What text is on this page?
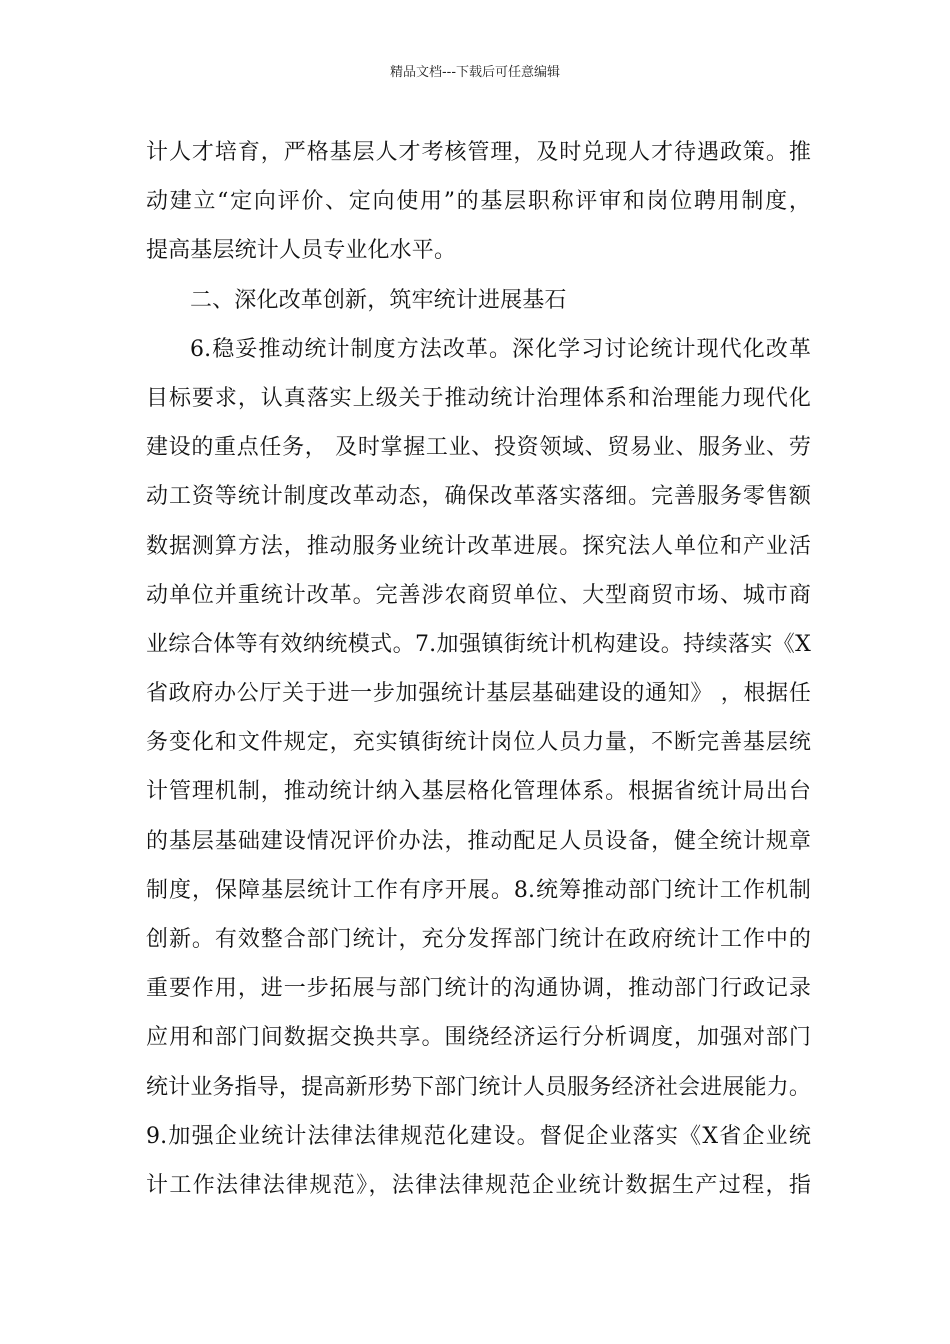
精品文档---下载后可任意编辑
计人才培育，严格基层人才考核管理，及时兑现人才待遇政策。推
动建立“定向评价、定向使用”的基层职称评审和岗位聘用制度，
提高基层统计人员专业化水平。
二、深化改革创新，筑牢统计进展基石
6.稳妥推动统计制度方法改革。深化学习讨论统计现代化改革
目标要求，认真落实上级关于推动统计治理体系和治理能力现代化
建设的重点任务， 及时掌握工业、投资领域、贸易业、服务业、劳
动工资等统计制度改革动态，确保改革落实落细。完善服务零售额
数据测算方法，推动服务业统计改革进展。探究法人单位和产业活
动单位并重统计改革。完善涉农商贸单位、大型商贸市场、城市商
业综合体等有效纳统模式。7.加强镇街统计机构建设。持续落实《X
省政府办公厅关于进一步加强统计基层基础建设的通知》 ，根据任
务变化和文件规定，充实镇街统计岗位人员力量，不断完善基层统
计管理机制，推动统计纳入基层格化管理体系。根据省统计局出台
的基层基础建设情况评价办法，推动配足人员设备，健全统计规章
制度，保障基层统计工作有序开展。8.统筹推动部门统计工作机制
创新。有效整合部门统计，充分发挥部门统计在政府统计工作中的
重要作用，进一步拓展与部门统计的沟通协调，推动部门行政记录
应用和部门间数据交换共享。围绕经济运行分析调度，加强对部门
统计业务指导，提高新形势下部门统计人员服务经济社会进展能力。
9.加强企业统计法律法律规范化建设。督促企业落实《X省企业统
计工作法律法律规范》，法律法律规范企业统计数据生产过程，指
